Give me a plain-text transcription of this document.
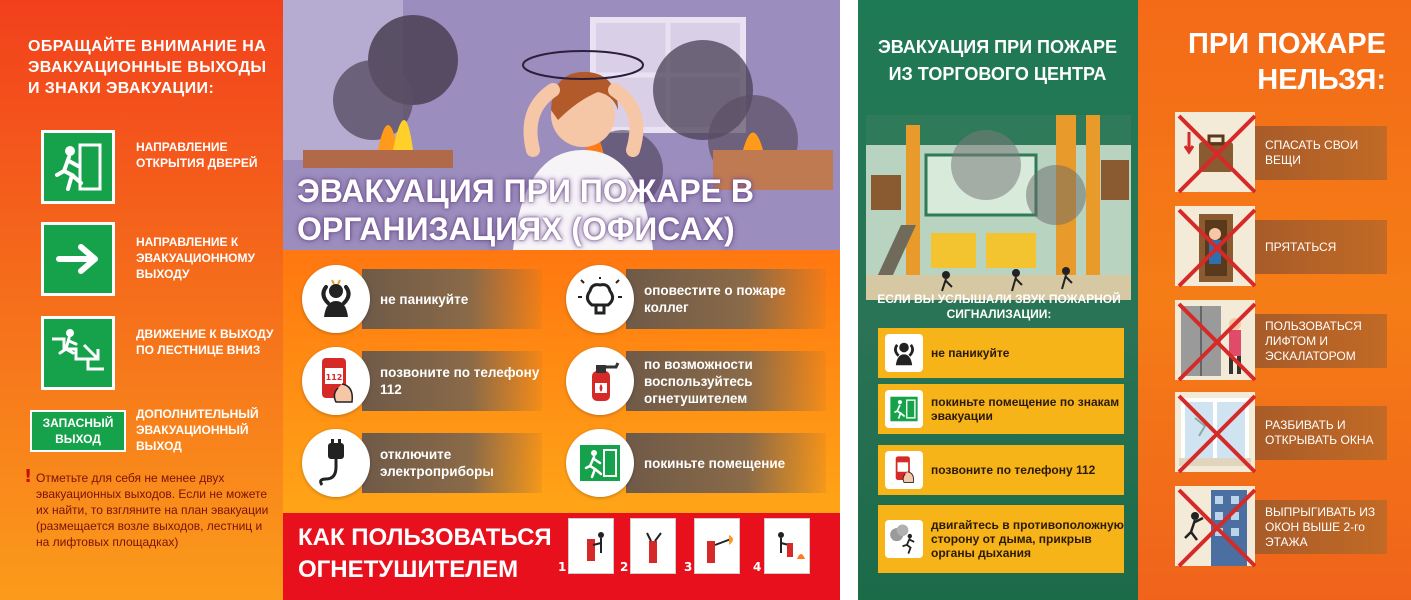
ОБРАЩАЙТЕ ВНИМАНИЕ НА ЭВАКУАЦИОННЫЕ ВЫХОДЫ И ЗНАКИ ЭВАКУАЦИИ:
НАПРАВЛЕНИЕ ОТКРЫТИЯ ДВЕРЕЙ
НАПРАВЛЕНИЕ К ЭВАКУАЦИОННОМУ ВЫХОДУ
ДВИЖЕНИЕ К ВЫХОДУ ПО ЛЕСТНИЦЕ ВНИЗ
ЗАПАСНЫЙ ВЫХОД
ДОПОЛНИТЕЛЬНЫЙ ЭВАКУАЦИОННЫЙ ВЫХОД
! Отметьте для себя не менее двух эвакуационных выходов. Если не можете их найти, то взгляните на план эвакуации (размещается возле выходов, лестниц и на лифтовых площадках)
ЭВАКУАЦИЯ ПРИ ПОЖАРЕ В ОРГАНИЗАЦИЯХ (ОФИСАХ)
не паникуйте
оповестите о пожаре коллег
112	позвоните по телефону 112
по возможности воспользуйтесь огнетушителем
отключите электроприборы
покиньте помещение
КАК ПОЛЬЗОВАТЬСЯ ОГНЕТУШИТЕЛЕМ	1	2	3	4
ЭВАКУАЦИЯ ПРИ ПОЖАРЕ ИЗ ТОРГОВОГО ЦЕНТРА
ЕСЛИ ВЫ УСЛЫШАЛИ ЗВУК ПОЖАРНОЙ СИГНАЛИЗАЦИИ:
не паникуйте
покиньте помещение по знакам эвакуации
позвоните по телефону 112
двигайтесь в противоположную сторону от дыма, прикрыв органы дыхания
ПРИ ПОЖАРЕ НЕЛЬЗЯ:
СПАСАТЬ СВОИ ВЕЩИ
ПРЯТАТЬСЯ
ПОЛЬЗОВАТЬСЯ ЛИФТОМ И ЭСКАЛАТОРОМ
РАЗБИВАТЬ И ОТКРЫВАТЬ ОКНА
ВЫПРЫГИВАТЬ ИЗ ОКОН ВЫШЕ 2-го ЭТАЖА
